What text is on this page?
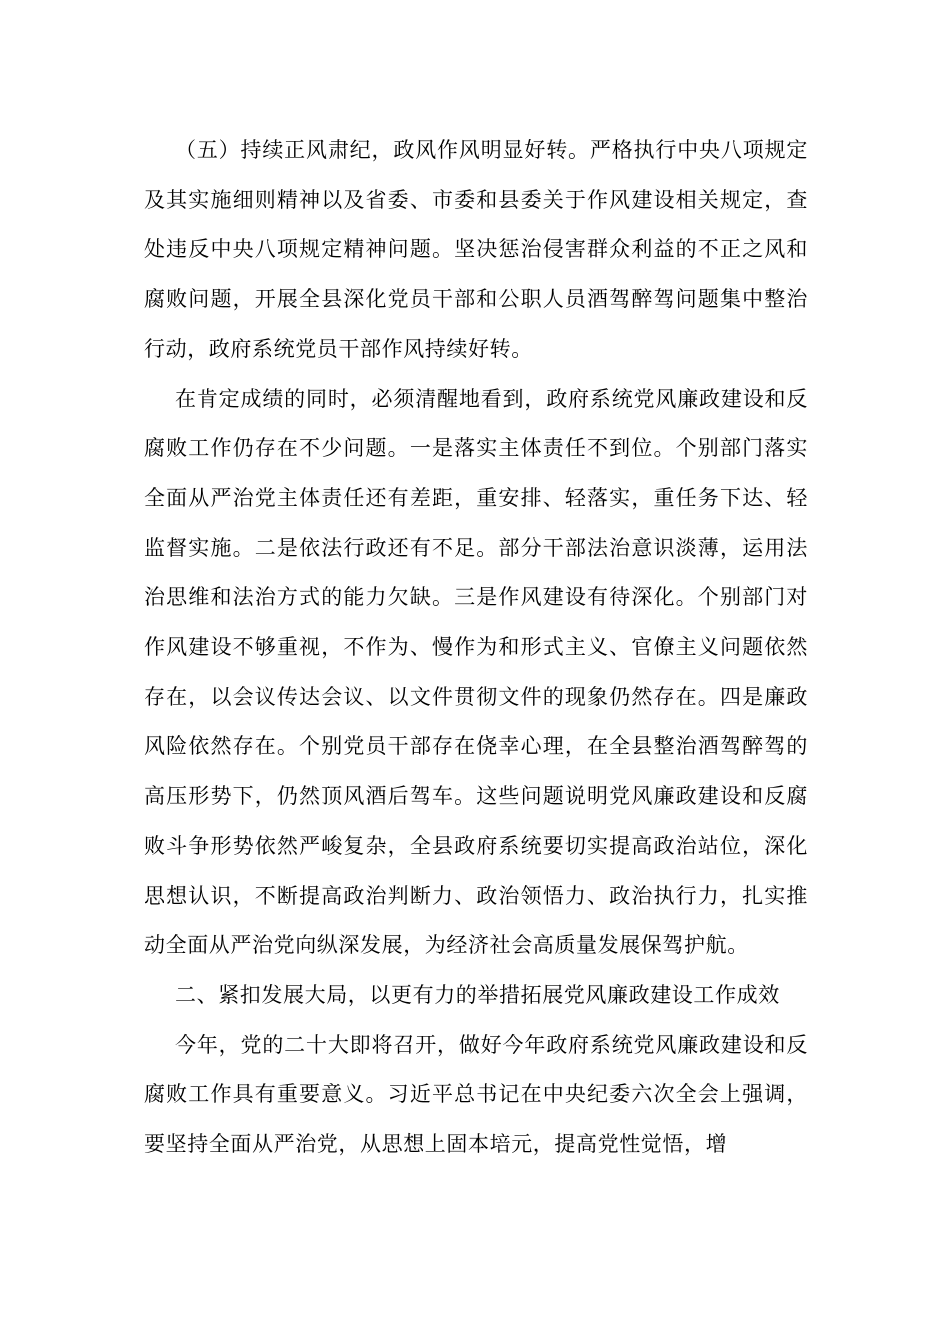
（五）持续正风肃纪，政风作风明显好转。严格执行中央八项规定及其实施细则精神以及省委、市委和县委关于作风建设相关规定，查处违反中央八项规定精神问题。坚决惩治侵害群众利益的不正之风和腐败问题，开展全县深化党员干部和公职人员酒驾醉驾问题集中整治行动，政府系统党员干部作风持续好转。

在肯定成绩的同时，必须清醒地看到，政府系统党风廉政建设和反腐败工作仍存在不少问题。一是落实主体责任不到位。个别部门落实全面从严治党主体责任还有差距，重安排、轻落实，重任务下达、轻监督实施。二是依法行政还有不足。部分干部法治意识淡薄，运用法治思维和法治方式的能力欠缺。三是作风建设有待深化。个别部门对作风建设不够重视，不作为、慢作为和形式主义、官僚主义问题依然存在，以会议传达会议、以文件贯彻文件的现象仍然存在。四是廉政风险依然存在。个别党员干部存在侥幸心理，在全县整治酒驾醉驾的高压形势下，仍然顶风酒后驾车。这些问题说明党风廉政建设和反腐败斗争形势依然严峻复杂，全县政府系统要切实提高政治站位，深化思想认识，不断提高政治判断力、政治领悟力、政治执行力，扎实推动全面从严治党向纵深发展，为经济社会高质量发展保驾护航。

二、紧扣发展大局，以更有力的举措拓展党风廉政建设工作成效

今年，党的二十大即将召开，做好今年政府系统党风廉政建设和反腐败工作具有重要意义。习近平总书记在中央纪委六次全会上强调，要坚持全面从严治党，从思想上固本培元，提高党性觉悟，增
